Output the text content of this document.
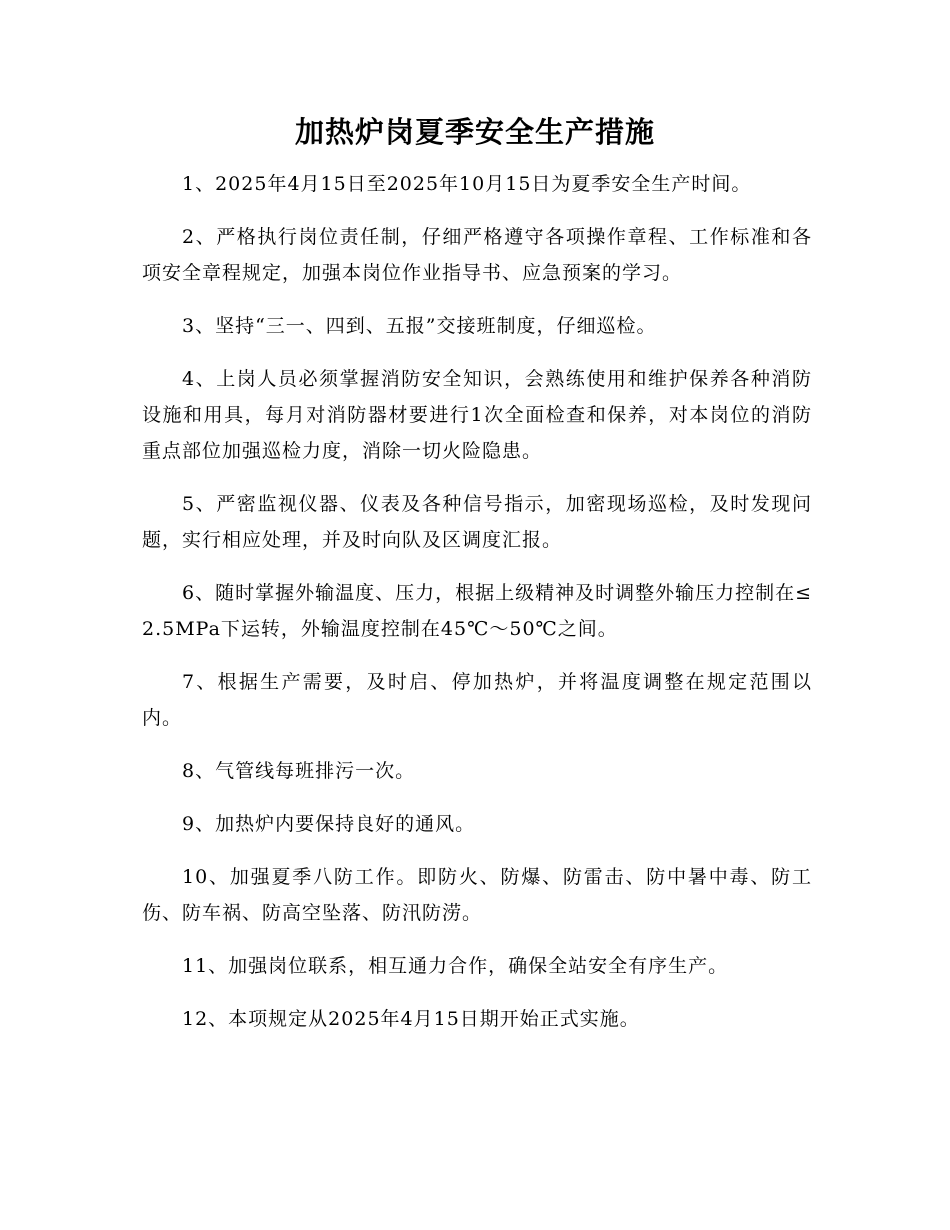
加热炉岗夏季安全生产措施

1、2025年4月15日至2025年10月15日为夏季安全生产时间。

2、严格执行岗位责任制，仔细严格遵守各项操作章程、工作标准和各项安全章程规定，加强本岗位作业指导书、应急预案的学习。

3、坚持“三一、四到、五报”交接班制度，仔细巡检。

4、上岗人员必须掌握消防安全知识，会熟练使用和维护保养各种消防设施和用具，每月对消防器材要进行1次全面检查和保养，对本岗位的消防重点部位加强巡检力度，消除一切火险隐患。

5、严密监视仪器、仪表及各种信号指示，加密现场巡检，及时发现问题，实行相应处理，并及时向队及区调度汇报。

6、随时掌握外输温度、压力，根据上级精神及时调整外输压力控制在≤2.5MPa下运转，外输温度控制在45℃～50℃之间。

7、根据生产需要，及时启、停加热炉，并将温度调整在规定范围以内。

8、气管线每班排污一次。

9、加热炉内要保持良好的通风。

10、加强夏季八防工作。即防火、防爆、防雷击、防中暑中毒、防工伤、防车祸、防高空坠落、防汛防涝。

11、加强岗位联系，相互通力合作，确保全站安全有序生产。

12、本项规定从2025年4月15日期开始正式实施。
